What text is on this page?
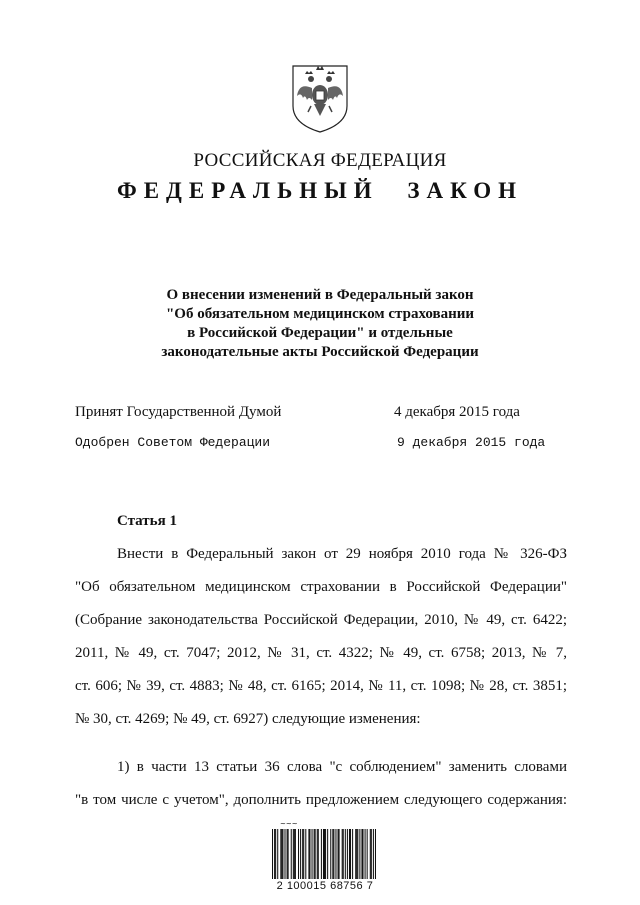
РОССИЙСКАЯ ФЕДЕРАЦИЯ
ФЕДЕРАЛЬНЫЙ ЗАКОН
О внесении изменений в Федеральный закон
"Об обязательном медицинском страховании
в Российской Федерации" и отдельные
законодательные акты Российской Федерации
Принят Государственной Думой	4 декабря 2015 года
Одобрен Советом Федерации	9 декабря 2015 года
Статья 1
Внести в Федеральный закон от 29 ноября 2010 года № 326-ФЗ
"Об обязательном медицинском страховании в Российской Федерации"
(Собрание законодательства Российской Федерации, 2010, № 49, ст. 6422;
2011, № 49, ст. 7047; 2012, № 31, ст. 4322; № 49, ст. 6758; 2013, № 7,
ст. 606; № 39, ст. 4883; № 48, ст. 6165; 2014, № 11, ст. 1098; № 28, ст. 3851;
№ 30, ст. 4269; № 49, ст. 6927) следующие изменения:
1) в части 13 статьи 36 слова "с соблюдением" заменить словами
"в том числе с учетом", дополнить предложением следующего содержания:
~~~
2 100015 68756 7
